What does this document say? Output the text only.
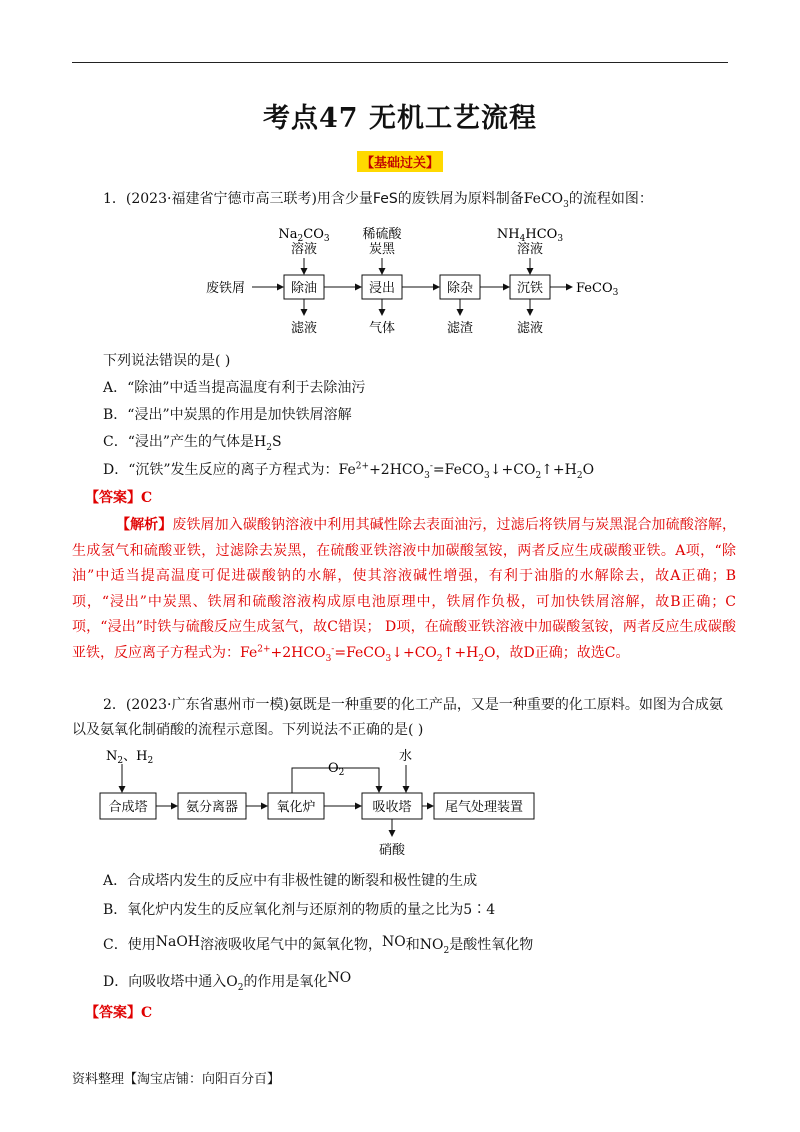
考点47 无机工艺流程
【基础过关】
1．(2023·福建省宁德市高三联考)用含少量FeS的废铁屑为原料制备FeCO$_3$的流程如图：
$Na_2CO_3$
溶液
稀硫酸
炭黑
$NH_4HCO_3$
溶液
除油	浸出	除杂	沉铁
废铁屑	FeCO$_3$
滤液	气体	滤渣	滤液
下列说法错误的是( )
A．“除油”中适当提高温度有利于去除油污
B．“浸出”中炭黑的作用是加快铁屑溶解
C．“浸出”产生的气体是$H_2S$
D．“沉铁”发生反应的离子方程式为：$Fe^{2+}+2HCO_3^-=FeCO_3↓+CO_2↑+H_2O$
【答案】C
【解析】废铁屑加入碳酸钠溶液中利用其碱性除去表面油污，过滤后将铁屑与炭黑混合加硫酸溶解，生成氢气和硫酸亚铁，过滤除去炭黑，在硫酸亚铁溶液中加碳酸氢铵，两者反应生成碳酸亚铁。A项，“除油”中适当提高温度可促进碳酸钠的水解，使其溶液碱性增强，有利于油脂的水解除去，故A正确；B项，“浸出”中炭黑、铁屑和硫酸溶液构成原电池原理中，铁屑作负极，可加快铁屑溶解，故B正确；C项，“浸出”时铁与硫酸反应生成氢气，故C错误； D项，在硫酸亚铁溶液中加碳酸氢铵，两者反应生成碳酸亚铁，反应离子方程式为：$Fe^{2+}+2HCO_3^-=FeCO_3↓+CO_2↑+H_2O$，故D正确；故选C。
2．(2023·广东省惠州市一模)氨既是一种重要的化工产品，又是一种重要的化工原料。如图为合成氨
以及氨氧化制硝酸的流程示意图。下列说法不正确的是( )
$N_2$、$H_2$
合成塔	氨分离器	氧化炉	吸收塔	尾气处理装置
$O_2$
水
硝酸
A．合成塔内发生的反应中有非极性键的断裂和极性键的生成
B．氧化炉内发生的反应氧化剂与还原剂的物质的量之比为5∶4
C．使用NaOH溶液吸收尾气中的氮氧化物，NO和$NO_2$是酸性氧化物
D．向吸收塔中通入$O_2$的作用是氧化NO
【答案】C
资料整理【淘宝店铺：向阳百分百】
